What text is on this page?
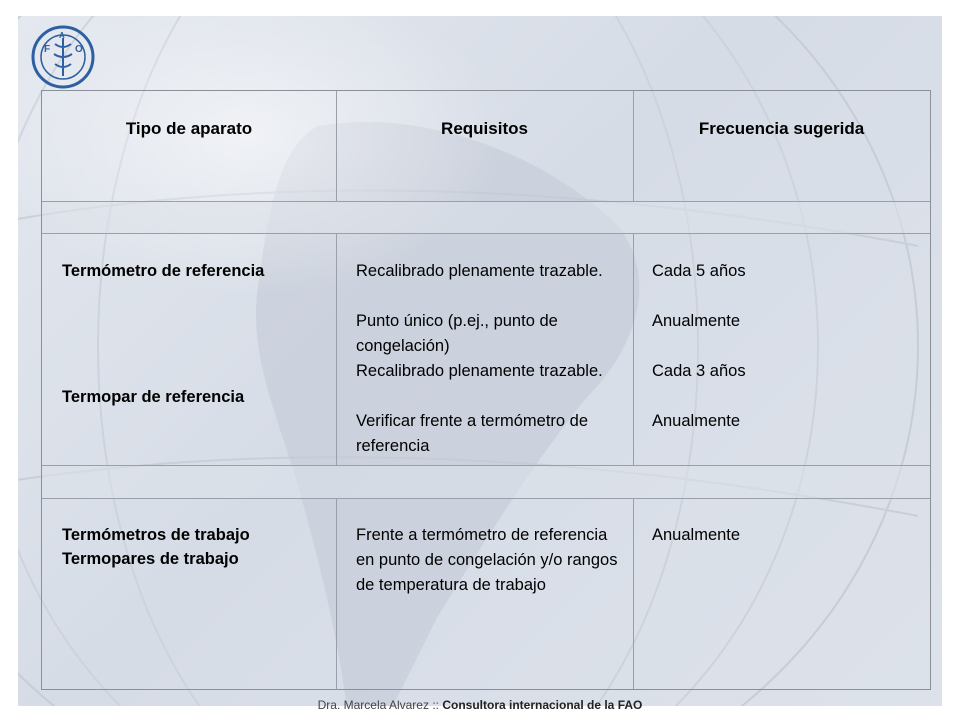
F O
A
Tipo de aparato	Requisitos	Frecuencia sugerida
Termómetro de referencia
Termopar de referencia
Recalibrado plenamente trazable.
Punto único (p.ej., punto de congelación)
Recalibrado plenamente trazable.
Verificar frente a termómetro de referencia
Cada 5 años
Anualmente
Cada 3 años
Anualmente
Termómetros de trabajo
Termopares de trabajo
Frente a termómetro de referencia en punto de congelación y/o rangos de temperatura de trabajo
Anualmente
Dra. Marcela Alvarez :: Consultora internacional de la FAO
